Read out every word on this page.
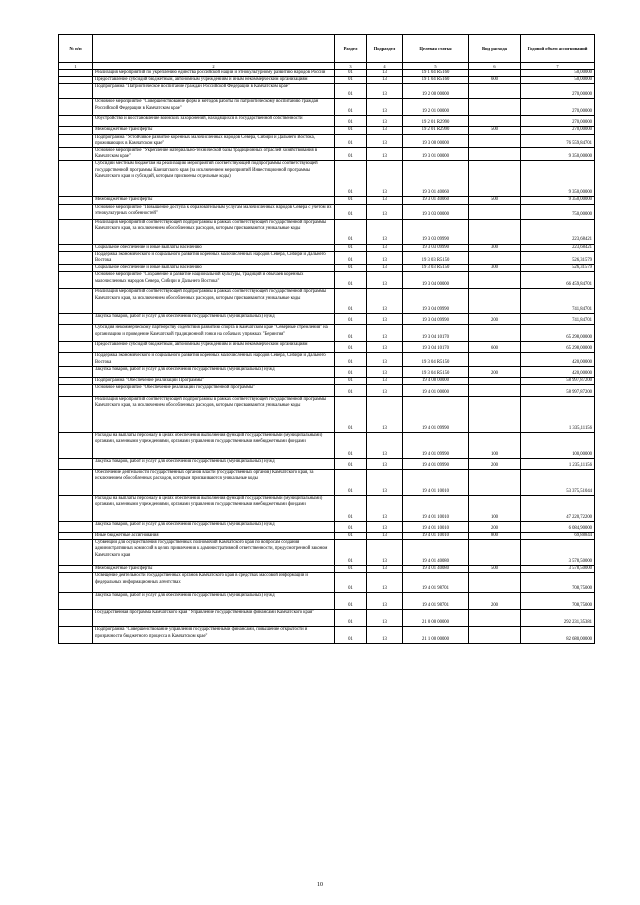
№ п/п		Раздел	Подраздел	Целевая статья	Вид расхода	Годовой объем ассигнований
1	2	3	4	5	6	7
	Реализация мероприятий по укреплению единства российской нации и этнокультурному развитию народов России	01	13	19 1 04 R5160		50,00000
	Предоставление субсидий бюджетным, автономным учреждениям и иным некоммерческим организациям	01	13	19 1 04 R5160	600	50,00000
	Подпрограмма "Патриотическое воспитание граждан Российской Федерации в Камчатском крае"	01	13	19 2 00 00000		270,00000
	Основное мероприятие "Совершенствование форм и методов работы по патриотическому воспитанию граждан Российской Федерации в Камчатском крае"	01	13	19 2 01 00000		270,00000
	Обустройство и восстановление воинских захоронений, находящихся в государственной собственности	01	13	19 2 01 R2990		270,00000
	Межбюджетные трансферты	01	13	19 2 01 R2990	500	270,00000
	Подпрограмма "Устойчивое развитие коренных малочисленных народов Севера, Сибири и Дальнего Востока, проживающих в Камчатском крае"	01	13	19 3 00 00000		76 559,84701
	Основное мероприятие "Укрепление материально-технической базы традиционных отраслей хозяйствования в Камчатском крае"	01	13	19 3 01 00000		9 350,00000
	Субсидии местным бюджетам на реализацию мероприятий соответствующей подпрограммы соответствующей государственной программы Камчатского края (за исключением мероприятий Инвестиционной программы Камчатского края и субсидий, которым присвоены отдельные коды)	01	13	19 3 01 40060		9 350,00000
	Межбюджетные трансферты	01	13	19 3 01 40060	500	9 350,00000
	Основное мероприятие "Повышение доступа к образовательным услугам малочисленных народов Севера с учетом их этнокультурных особенностей"	01	13	19 3 03 00000		750,00000
	Реализация мероприятий соответствующей подпрограммы в рамках соответствующей государственной программы Камчатского края, за исключением обособленных расходов, которым присваиваются уникальные коды	01	13	19 3 03 09990		223,68421
	Социальное обеспечение и иные выплаты населению	01	13	19 3 03 09990	300	223,68421
	Поддержка экономического и социального развития коренных малочисленных народов Севера, Сибири и Дальнего Востока	01	13	19 3 03 R5150		526,31579
	Социальное обеспечение и иные выплаты населению	01	13	19 3 03 R5150	300	526,31579
	Основное мероприятие "Сохранение и развитие национальной культуры, традиций и обычаев коренных малочисленных народов Севера, Сибири и Дальнего Востока"	01	13	19 3 04 00000		66 459,84701
	Реализация мероприятий соответствующей подпрограммы в рамках соответствующей государственной программы Камчатского края, за исключением обособленных расходов, которым присваиваются уникальные коды	01	13	19 3 04 09990		741,84701
	Закупка товаров, работ и услуг для обеспечения государственных (муниципальных) нужд	01	13	19 3 04 09990	200	741,84701
	Субсидия некоммерческому партнерству содействия развитию спорта в Камчатском крае "Северные стремления" на организацию и проведение Камчатской традиционной гонки на собачьих упряжках "Берингия"	01	13	19 3 04 10170		65 298,00000
	Предоставление субсидий бюджетным, автономным учреждениям и иным некоммерческим организациям	01	13	19 3 04 10170	600	65 298,00000
	Поддержка экономического и социального развития коренных малочисленных народов Севера, Сибири и Дальнего Востока	01	13	19 3 04 R5150		420,00000
	Закупка товаров, работ и услуг для обеспечения государственных (муниципальных) нужд	01	13	19 3 04 R5150	200	420,00000
	Подпрограмма "Обеспечение реализации Программы"	01	13	19 4 00 00000		58 997,87200
	Основное мероприятие "Обеспечение реализации государственной программы"	01	13	19 4 01 00000		58 997,87200
	Реализация мероприятий соответствующей подпрограммы в рамках соответствующей государственной программы Камчатского края, за исключением обособленных расходов, которым присваиваются уникальные коды	01	13	19 4 01 09990		1 335,11156
	Расходы на выплаты персоналу в целях обеспечения выполнения функций государственными (муниципальными) органами, казенными учреждениями, органами управления государственными внебюджетными фондами	01	13	19 4 01 09990	100	100,00000
	Закупка товаров, работ и услуг для обеспечения государственных (муниципальных) нужд	01	13	19 4 01 09990	200	1 235,11156
	Обеспечение деятельности государственных органов власти (государственных органов) Камчатского края, за исключением обособленных расходов, которым присваиваются уникальные коды	01	13	19 4 01 10010		53 375,51044
	Расходы на выплаты персоналу в целях обеспечения выполнения функций государственными (муниципальными) органами, казенными учреждениями, органами управления государственными внебюджетными фондами	01	13	19 4 01 10010	100	47 220,72200
	Закупка товаров, работ и услуг для обеспечения государственных (муниципальных) нужд	01	13	19 4 01 10010	200	6 084,90000
	Иные бюджетные ассигнования	01	13	19 4 01 10010	800	69,88844
	Субвенции для осуществления государственных полномочий Камчатского края по вопросам создания административных комиссий в целях привлечения к административной ответственности, предусмотренной законом Камчатского края	01	13	19 4 01 40080		3 578,50000
	Межбюджетные трансферты	01	13	19 4 01 40080	500	3 578,50000
	Освещение деятельности государственных органов Камчатского края в средствах массовой информации и федеральных информационных агентствах	01	13	19 4 01 98701		708,75000
	Закупка товаров, работ и услуг для обеспечения государственных (муниципальных) нужд	01	13	19 4 01 98701	200	708,75000
	Государственная программа Камчатского края "Управление государственными финансами Камчатского края"	01	13	21 0 00 00000		292 231,35381
	Подпрограмма "Совершенствование управления государственными финансами, повышение открытости и прозрачности бюджетного процесса в Камчатском крае"	01	13	21 1 00 00000		82 680,00000
10
